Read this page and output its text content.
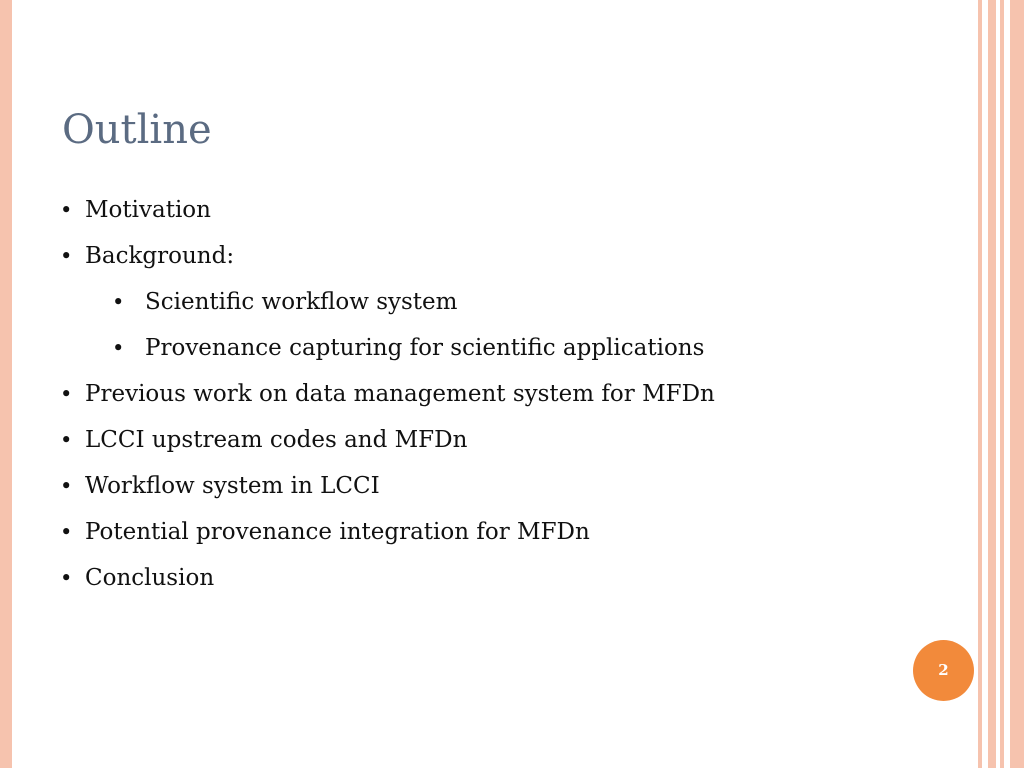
Outline
• Motivation
• Background:
• Scientific workflow system
• Provenance capturing for scientific applications
• Previous work on data management system for MFDn
• LCCI upstream codes and MFDn
• Workflow system in LCCI
• Potential provenance integration for MFDn
• Conclusion
2
